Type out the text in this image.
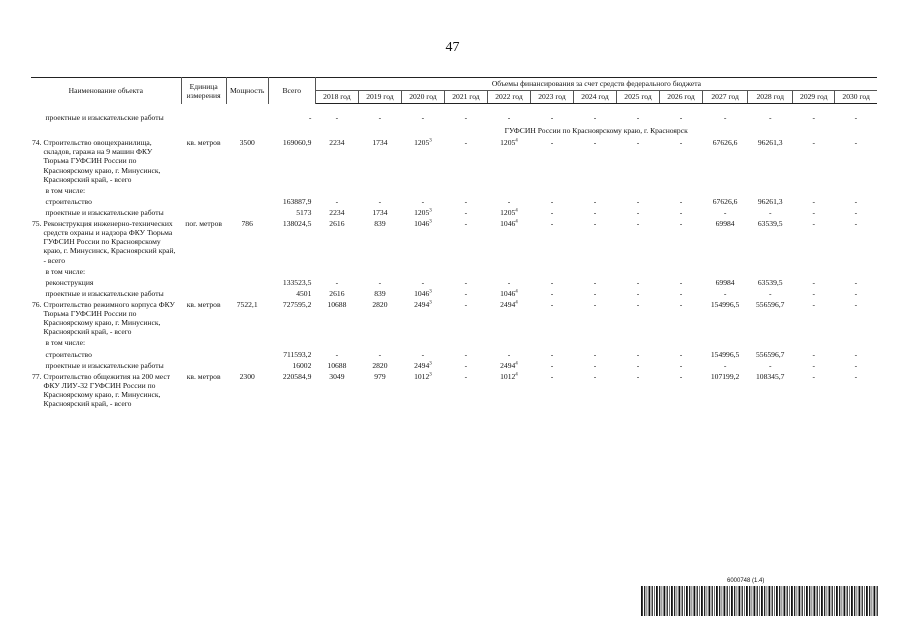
47
Наименование объекта		Единица измерения	Мощность	Всего	Объемы финансирования за счет средств федерального бюджета												
					2018 год	2019 год	2020 год	2021 год	2022 год	2023 год	2024 год	2025 год	2026 год	2027 год	2028 год	2029 год	2030 год

	проектные и изыскательские работы			-	-	-	-	-	-	-	-	-	-	-	-	-	-
					ГУФСИН России по Красноярскому краю, г. Красноярск												
74.	Строительство овощехранилища, складов, гаража на 9 машин ФКУ Тюрьма ГУФСИН России по Красноярскому краю, г. Минусинск, Красноярский край, - всего	кв. метров	3500	169060,9	2234	1734	1205$^3$	-	1205$^4$	-	-	-	-	67626,6	96261,3	-	-
	в том числе:																
	строительство			163887,9	-	-	-	-	-	-	-	-	-	67626,6	96261,3	-	-
	проектные и изыскательские работы			5173	2234	1734	1205$^3$	-	1205$^4$	-	-	-	-	-	-	-	-
75.	Реконструкция инженерно-технических средств охраны и надзора ФКУ Тюрьма ГУФСИН России по Красноярскому краю, г. Минусинск, Красноярский край, - всего	пог. метров	786	138024,5	2616	839	1046$^3$	-	1046$^4$	-	-	-	-	69984	63539,5	-	-
	в том числе:																
	реконструкция			133523,5	-	-	-	-	-	-	-	-	-	69984	63539,5	-	-
	проектные и изыскательские работы			4501	2616	839	1046$^3$	-	1046$^4$	-	-	-	-	-	-	-	-
76.	Строительство режимного корпуса ФКУ Тюрьма ГУФСИН России по Красноярскому краю, г. Минусинск, Красноярский край, - всего	кв. метров	7522,1	727595,2	10688	2820	2494$^3$	-	2494$^4$	-	-	-	-	154996,5	556596,7	-	-
	в том числе:																
	строительство			711593,2	-	-	-	-	-	-	-	-	-	154996,5	556596,7	-	-
	проектные и изыскательские работы			16002	10688	2820	2494$^3$	-	2494$^4$	-	-	-	-	-	-	-	-
77.	Строительство общежития на 200 мест ФКУ ЛИУ-32 ГУФСИН России по Красноярскому краю, г. Минусинск, Красноярский край, - всего	кв. метров	2300	220584,9	3049	979	1012$^3$	-	1012$^4$	-	-	-	-	107199,2	108345,7	-	-
6000748 (1.4)
